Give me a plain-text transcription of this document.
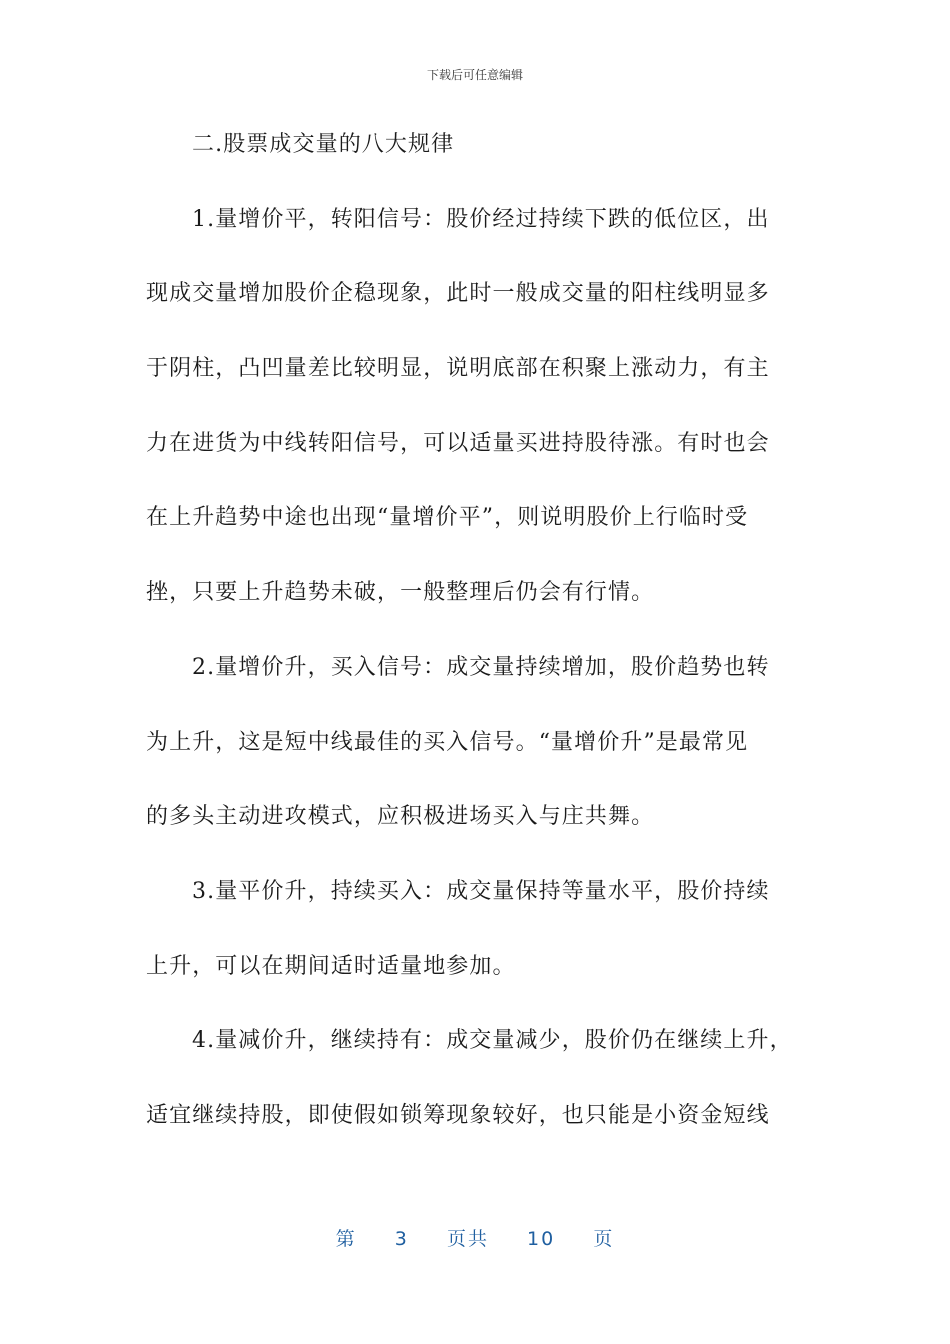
下载后可任意编辑
二.股票成交量的八大规律
1.量增价平，转阳信号：股价经过持续下跌的低位区，出
现成交量增加股价企稳现象，此时一般成交量的阳柱线明显多
于阴柱，凸凹量差比较明显，说明底部在积聚上涨动力，有主
力在进货为中线转阳信号，可以适量买进持股待涨。有时也会
在上升趋势中途也出现“量增价平”，则说明股价上行临时受
挫，只要上升趋势未破，一般整理后仍会有行情。
2.量增价升，买入信号：成交量持续增加，股价趋势也转
为上升，这是短中线最佳的买入信号。“量增价升”是最常见
的多头主动进攻模式，应积极进场买入与庄共舞。
3.量平价升，持续买入：成交量保持等量水平，股价持续
上升，可以在期间适时适量地参加。
4.量减价升，继续持有：成交量减少，股价仍在继续上升，
适宜继续持股，即使假如锁筹现象较好，也只能是小资金短线
第 3 页共 10 页
